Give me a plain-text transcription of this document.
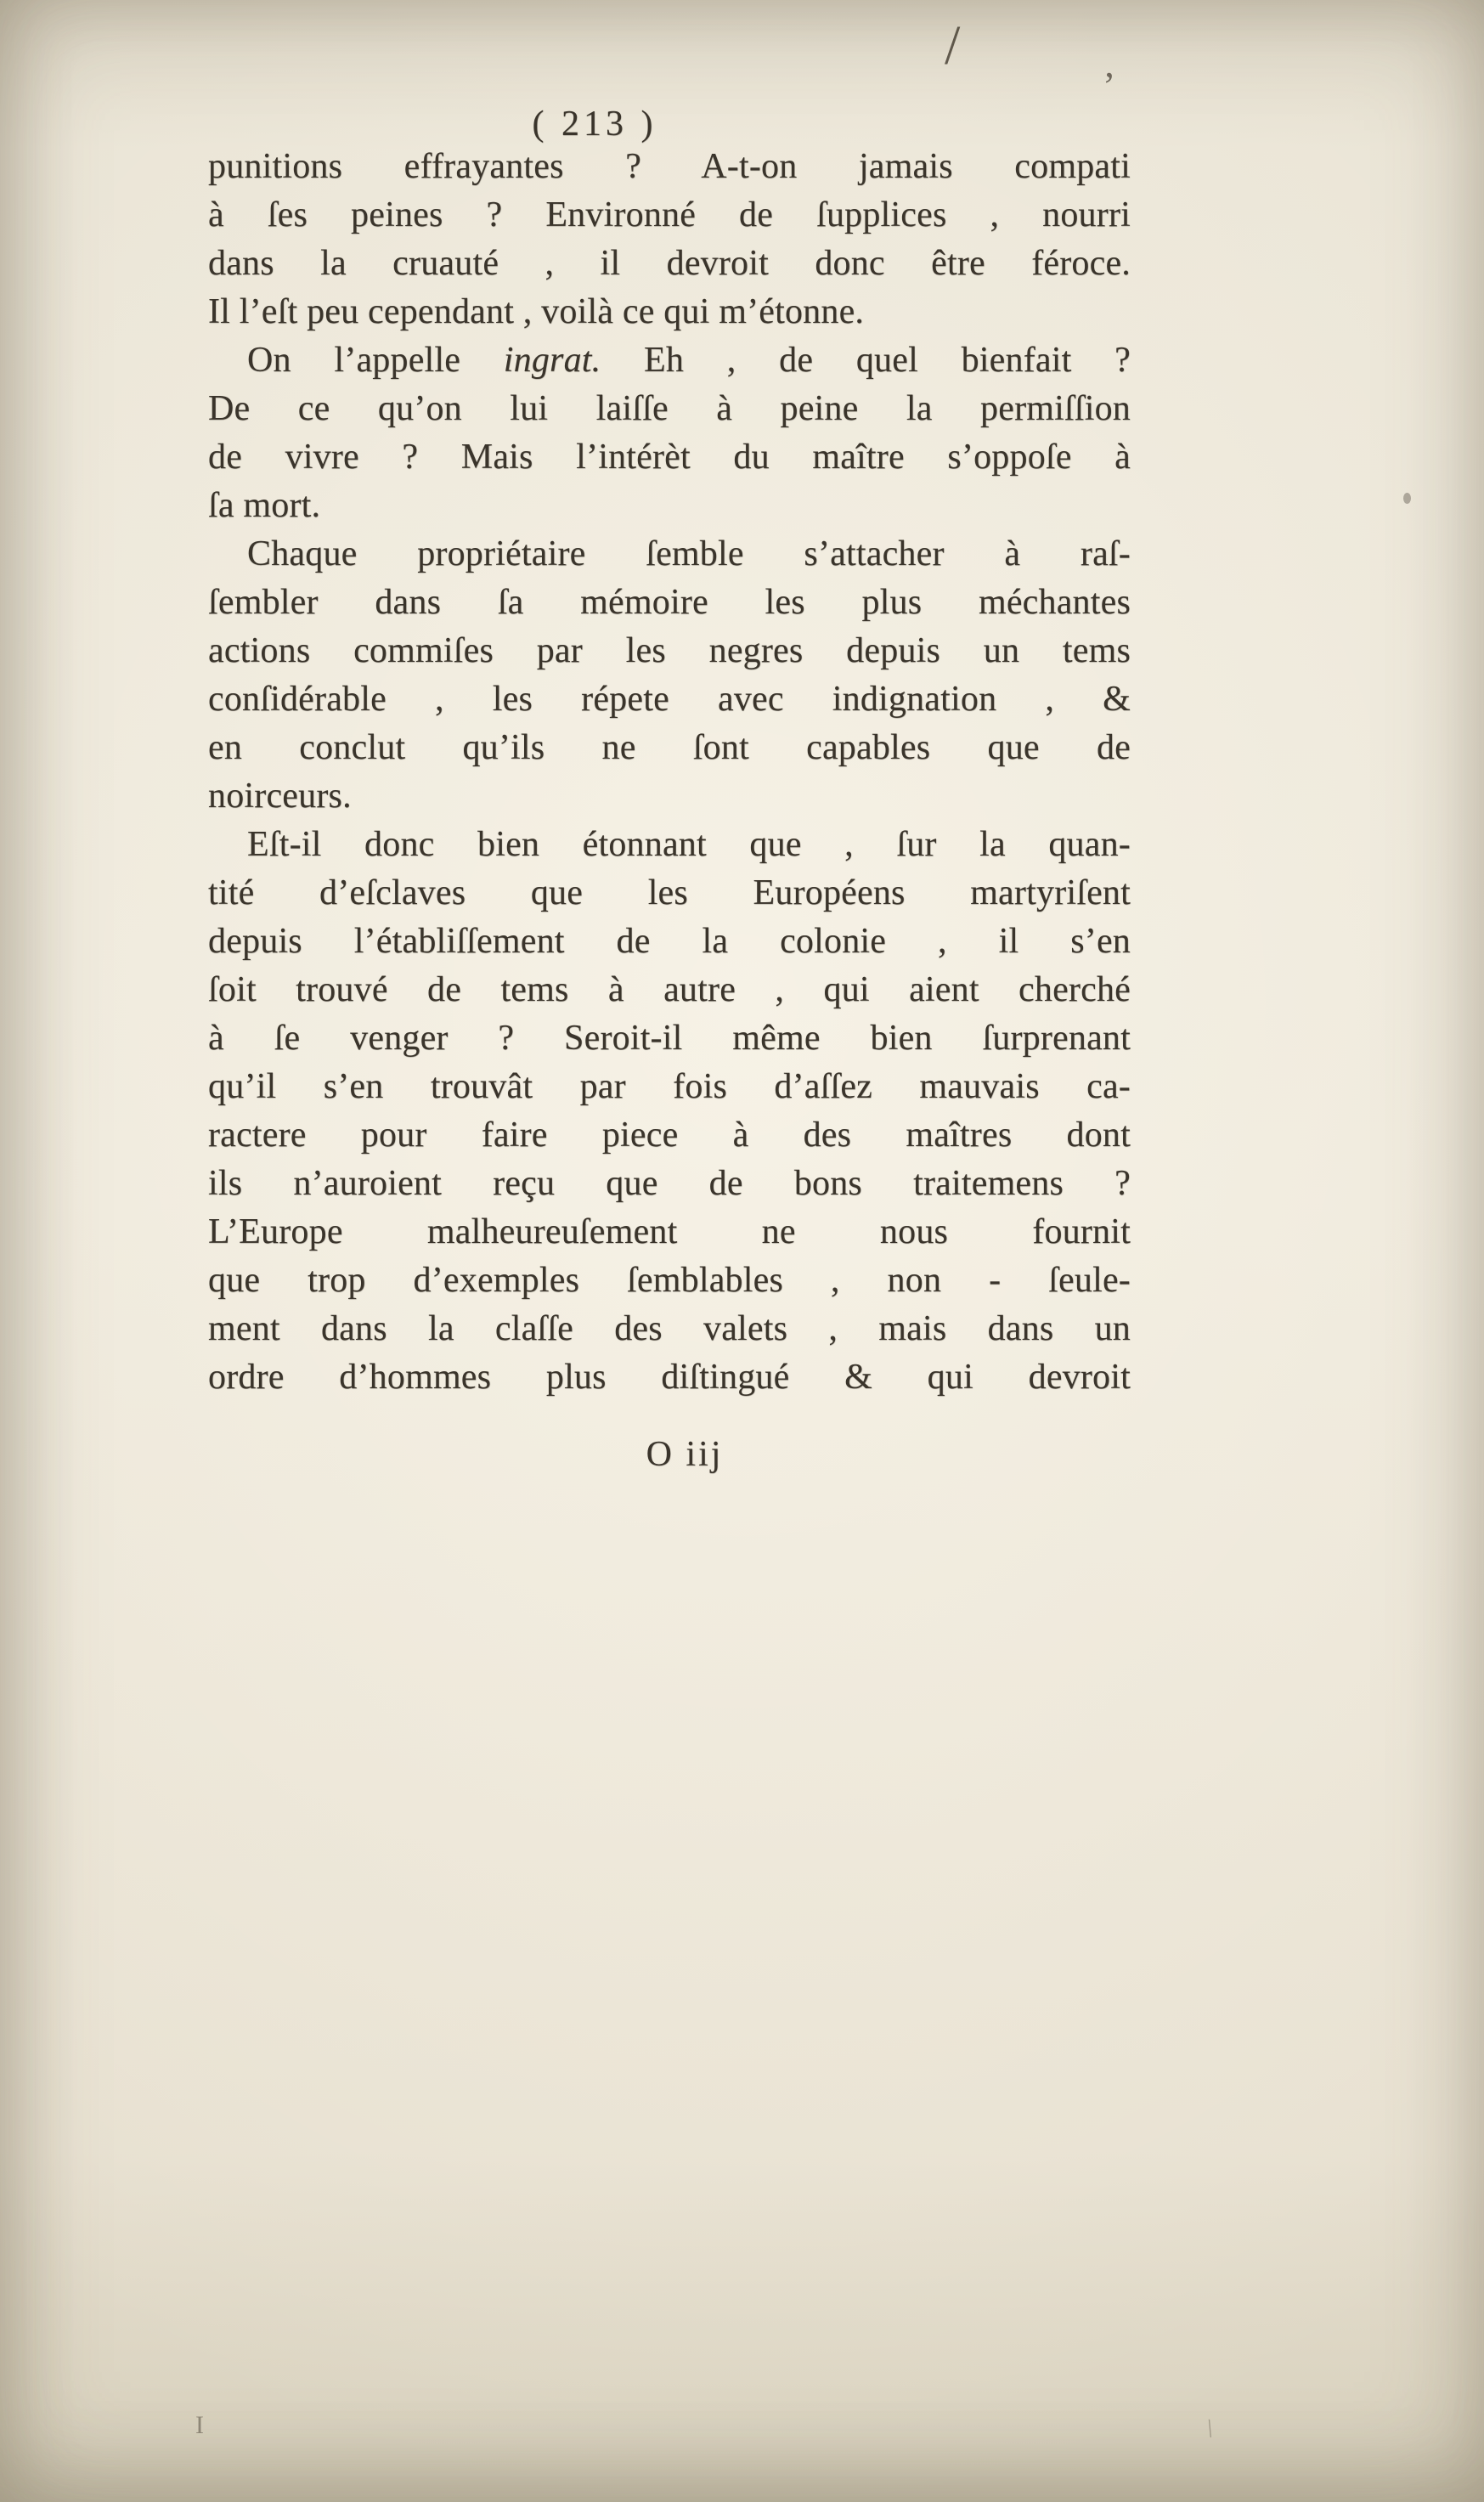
/
’
I	\
( 213 )
punitions effrayantes ? A-t-on jamais compati
à ſes peines ? Environné de ſupplices , nourri
dans la cruauté , il devroit donc être féroce.
Il l’eſt peu cependant , voilà ce qui m’étonne.
On l’appelle ingrat. Eh , de quel bienfait ?
De ce qu’on lui laiſſe à peine la permiſſion
de vivre ? Mais l’intérèt du maître s’oppoſe à
ſa mort.
Chaque propriétaire ſemble s’attacher à raſ-
ſembler dans ſa mémoire les plus méchantes
actions commiſes par les negres depuis un tems
conſidérable , les répete avec indignation , &
en conclut qu’ils ne ſont capables que de
noirceurs.
Eſt-il donc bien étonnant que , ſur la quan-
tité d’eſclaves que les Européens martyriſent
depuis l’établiſſement de la colonie , il s’en
ſoit trouvé de tems à autre , qui aient cherché
à ſe venger ? Seroit-il même bien ſurprenant
qu’il s’en trouvât par fois d’aſſez mauvais ca-
ractere pour faire piece à des maîtres dont
ils n’auroient reçu que de bons traitemens ?
L’Europe malheureuſement ne nous fournit
que trop d’exemples ſemblables , non - ſeule-
ment dans la claſſe des valets , mais dans un
ordre d’hommes plus diſtingué & qui devroit
O iij
